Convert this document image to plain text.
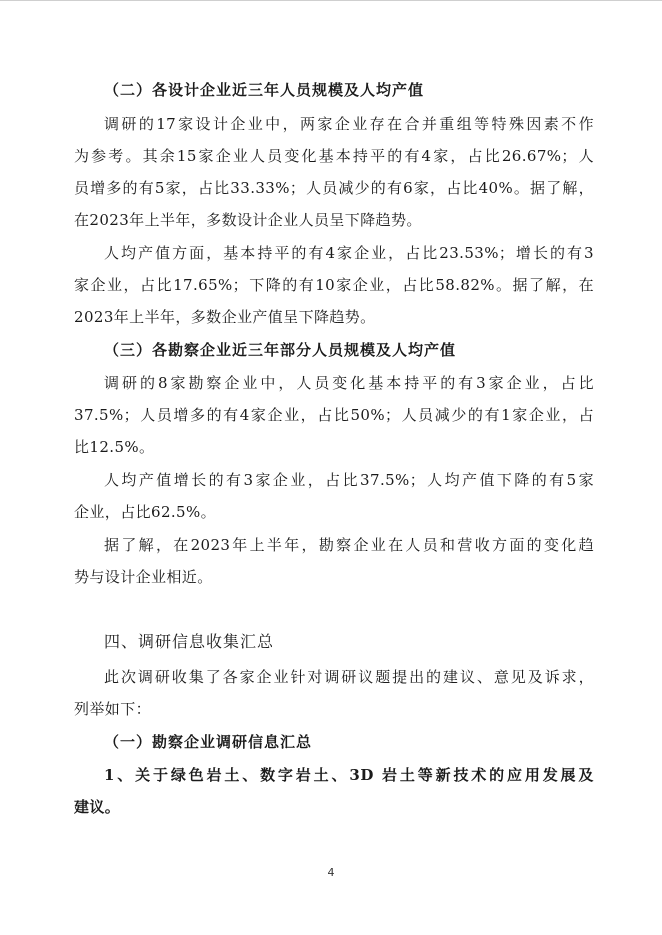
（二）各设计企业近三年人员规模及人均产值
调研的17家设计企业中，两家企业存在合并重组等特殊因素不作
为参考。其余15家企业人员变化基本持平的有4家，占比26.67%；人
员增多的有5家，占比33.33%；人员减少的有6家，占比40%。据了解，
在2023年上半年，多数设计企业人员呈下降趋势。
人均产值方面，基本持平的有4家企业，占比23.53%；增长的有3
家企业，占比17.65%；下降的有10家企业，占比58.82%。据了解，在
2023年上半年，多数企业产值呈下降趋势。
（三）各勘察企业近三年部分人员规模及人均产值
调研的8家勘察企业中，人员变化基本持平的有3家企业，占比
37.5%；人员增多的有4家企业，占比50%；人员减少的有1家企业，占
比12.5%。
人均产值增长的有3家企业，占比37.5%；人均产值下降的有5家
企业，占比62.5%。
据了解，在2023年上半年，勘察企业在人员和营收方面的变化趋
势与设计企业相近。
四、调研信息收集汇总
此次调研收集了各家企业针对调研议题提出的建议、意见及诉求，
列举如下：
（一）勘察企业调研信息汇总
1、关于绿色岩土、数字岩土、3D 岩土等新技术的应用发展及
建议。
4
